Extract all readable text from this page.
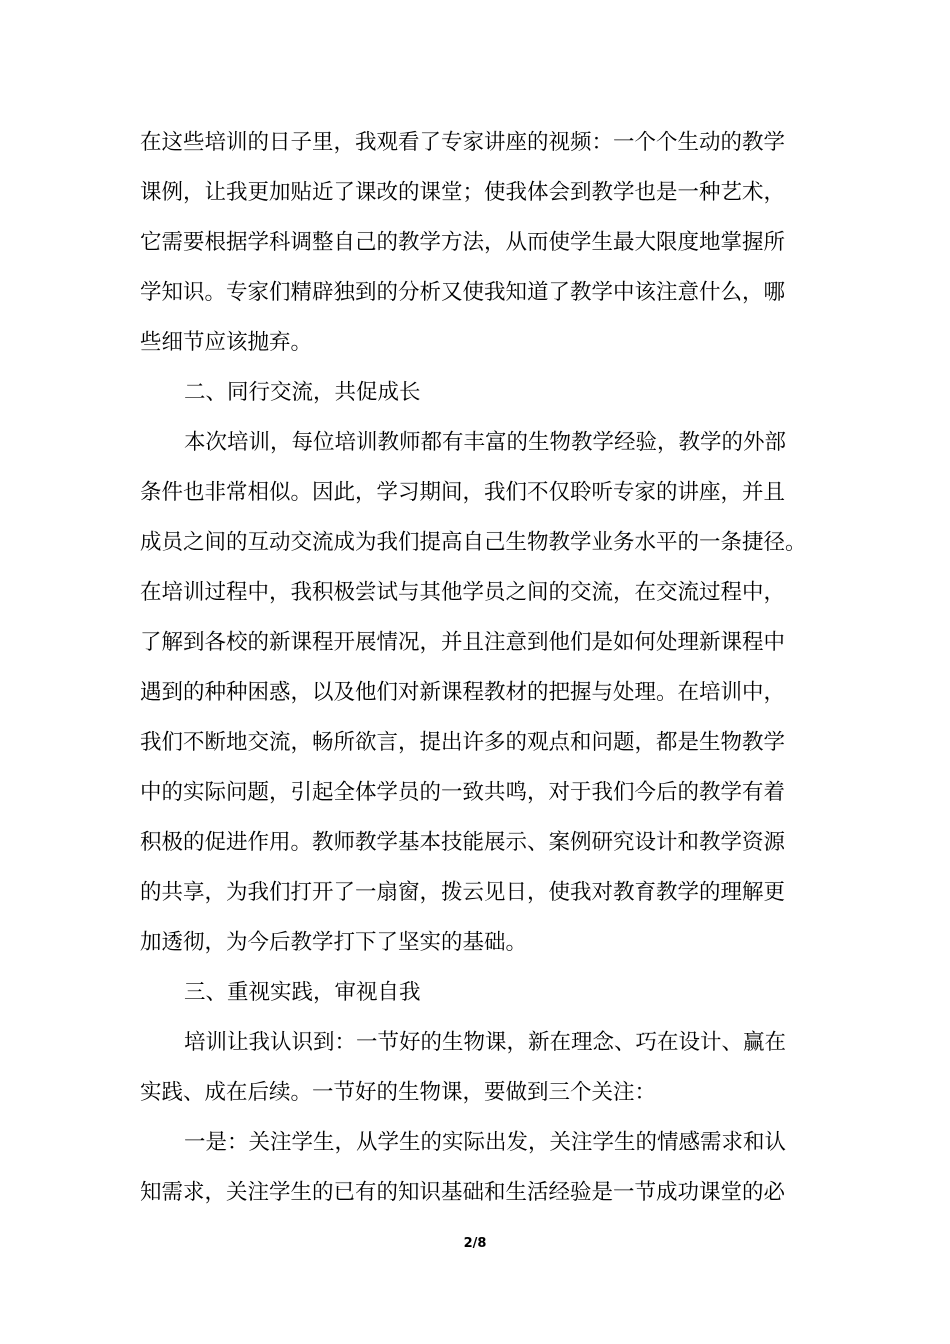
在这些培训的日子里，我观看了专家讲座的视频：一个个生动的教学
课例，让我更加贴近了课改的课堂；使我体会到教学也是一种艺术，
它需要根据学科调整自己的教学方法，从而使学生最大限度地掌握所
学知识。专家们精辟独到的分析又使我知道了教学中该注意什么，哪
些细节应该抛弃。
二、同行交流，共促成长
本次培训，每位培训教师都有丰富的生物教学经验，教学的外部
条件也非常相似。因此，学习期间，我们不仅聆听专家的讲座，并且
成员之间的互动交流成为我们提高自己生物教学业务水平的一条捷径。
在培训过程中，我积极尝试与其他学员之间的交流，在交流过程中，
了解到各校的新课程开展情况，并且注意到他们是如何处理新课程中
遇到的种种困惑，以及他们对新课程教材的把握与处理。在培训中，
我们不断地交流，畅所欲言，提出许多的观点和问题，都是生物教学
中的实际问题，引起全体学员的一致共鸣，对于我们今后的教学有着
积极的促进作用。教师教学基本技能展示、案例研究设计和教学资源
的共享，为我们打开了一扇窗，拨云见日，使我对教育教学的理解更
加透彻，为今后教学打下了坚实的基础。
三、重视实践，审视自我
培训让我认识到：一节好的生物课，新在理念、巧在设计、赢在
实践、成在后续。一节好的生物课，要做到三个关注：
一是：关注学生，从学生的实际出发，关注学生的情感需求和认
知需求，关注学生的已有的知识基础和生活经验是一节成功课堂的必
2/8
